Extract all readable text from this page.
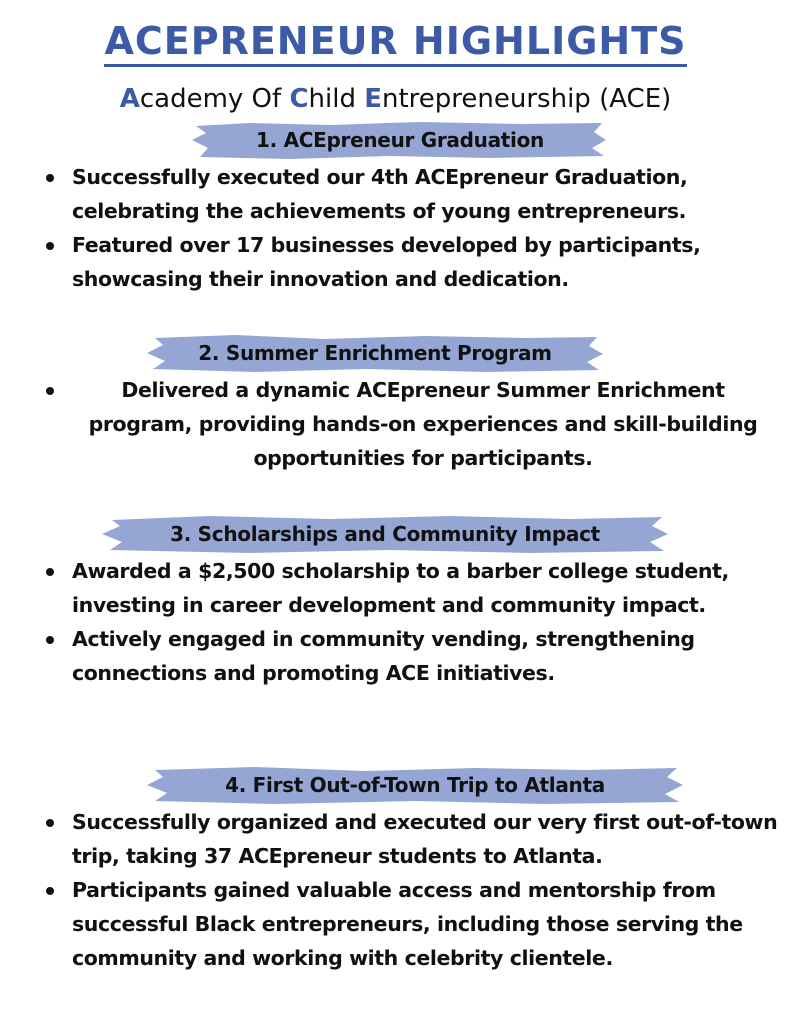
ACEPRENEUR HIGHLIGHTS
Academy Of Child Entrepreneurship (ACE)
1. ACEpreneur Graduation
Successfully executed our 4th ACEpreneur Graduation, celebrating the achievements of young entrepreneurs.
Featured over 17 businesses developed by participants, showcasing their innovation and dedication.
2. Summer Enrichment Program
Delivered a dynamic ACEpreneur Summer Enrichment program, providing hands-on experiences and skill-building opportunities for participants.
3. Scholarships and Community Impact
Awarded a $2,500 scholarship to a barber college student, investing in career development and community impact.
Actively engaged in community vending, strengthening connections and promoting ACE initiatives.
4. First Out-of-Town Trip to Atlanta
Successfully organized and executed our very first out-of-town trip, taking 37 ACEpreneur students to Atlanta.
Participants gained valuable access and mentorship from successful Black entrepreneurs, including those serving the community and working with celebrity clientele.
